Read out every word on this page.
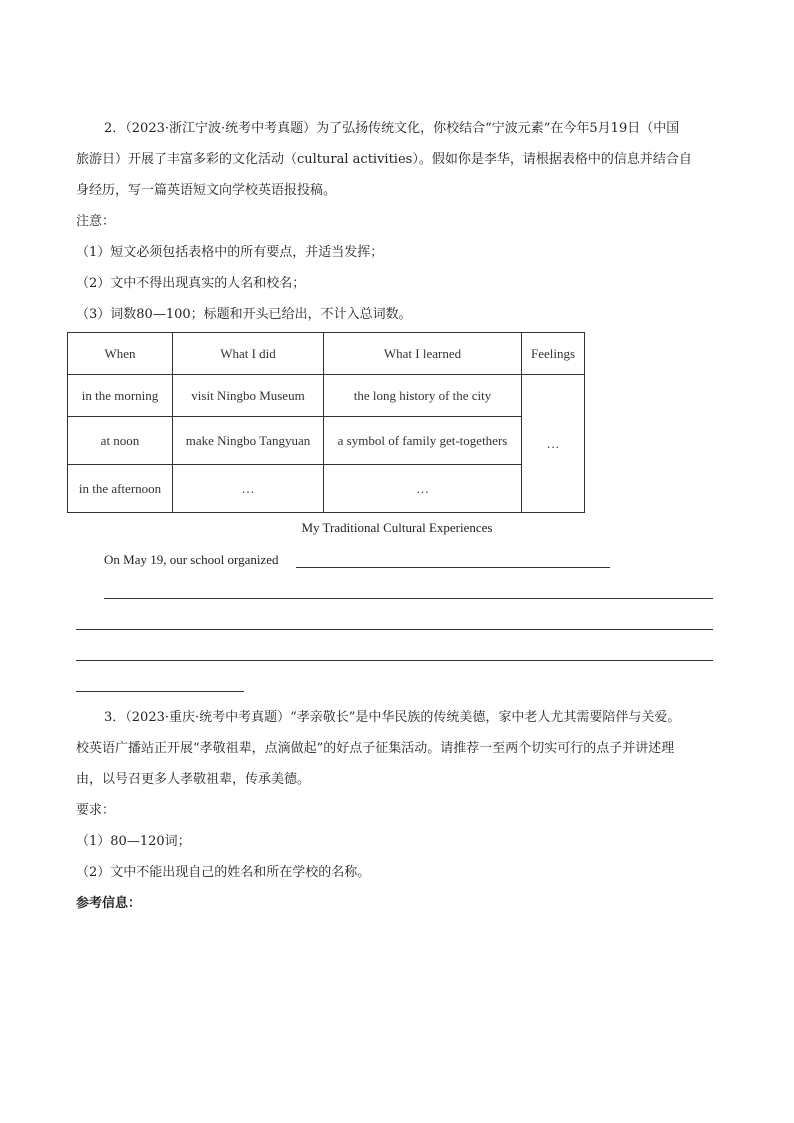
2．（2023·浙江宁波·统考中考真题）为了弘扬传统文化，你校结合“宁波元素”在今年5月19日（中国
旅游日）开展了丰富多彩的文化活动（cultural activities）。假如你是李华，请根据表格中的信息并结合自
身经历，写一篇英语短文向学校英语报投稿。
注意：
（1）短文必须包括表格中的所有要点，并适当发挥；
（2）文中不得出现真实的人名和校名；
（3）词数80—100；标题和开头已给出，不计入总词数。
When	What I did	What I learned	Feelings
in the morning	visit Ningbo Museum	the long history of the city	…
at noon	make Ningbo Tangyuan	a symbol of family get-togethers	
in the afternoon	…	…	
My Traditional Cultural Experiences
On May 19, our school organized
3．（2023·重庆·统考中考真题）“孝亲敬长”是中华民族的传统美德，家中老人尤其需要陪伴与关爱。
校英语广播站正开展“孝敬祖辈，点滴做起”的好点子征集活动。请推荐一至两个切实可行的点子并讲述理
由，以号召更多人孝敬祖辈，传承美德。
要求：
（1）80—120词；
（2）文中不能出现自己的姓名和所在学校的名称。
参考信息：
